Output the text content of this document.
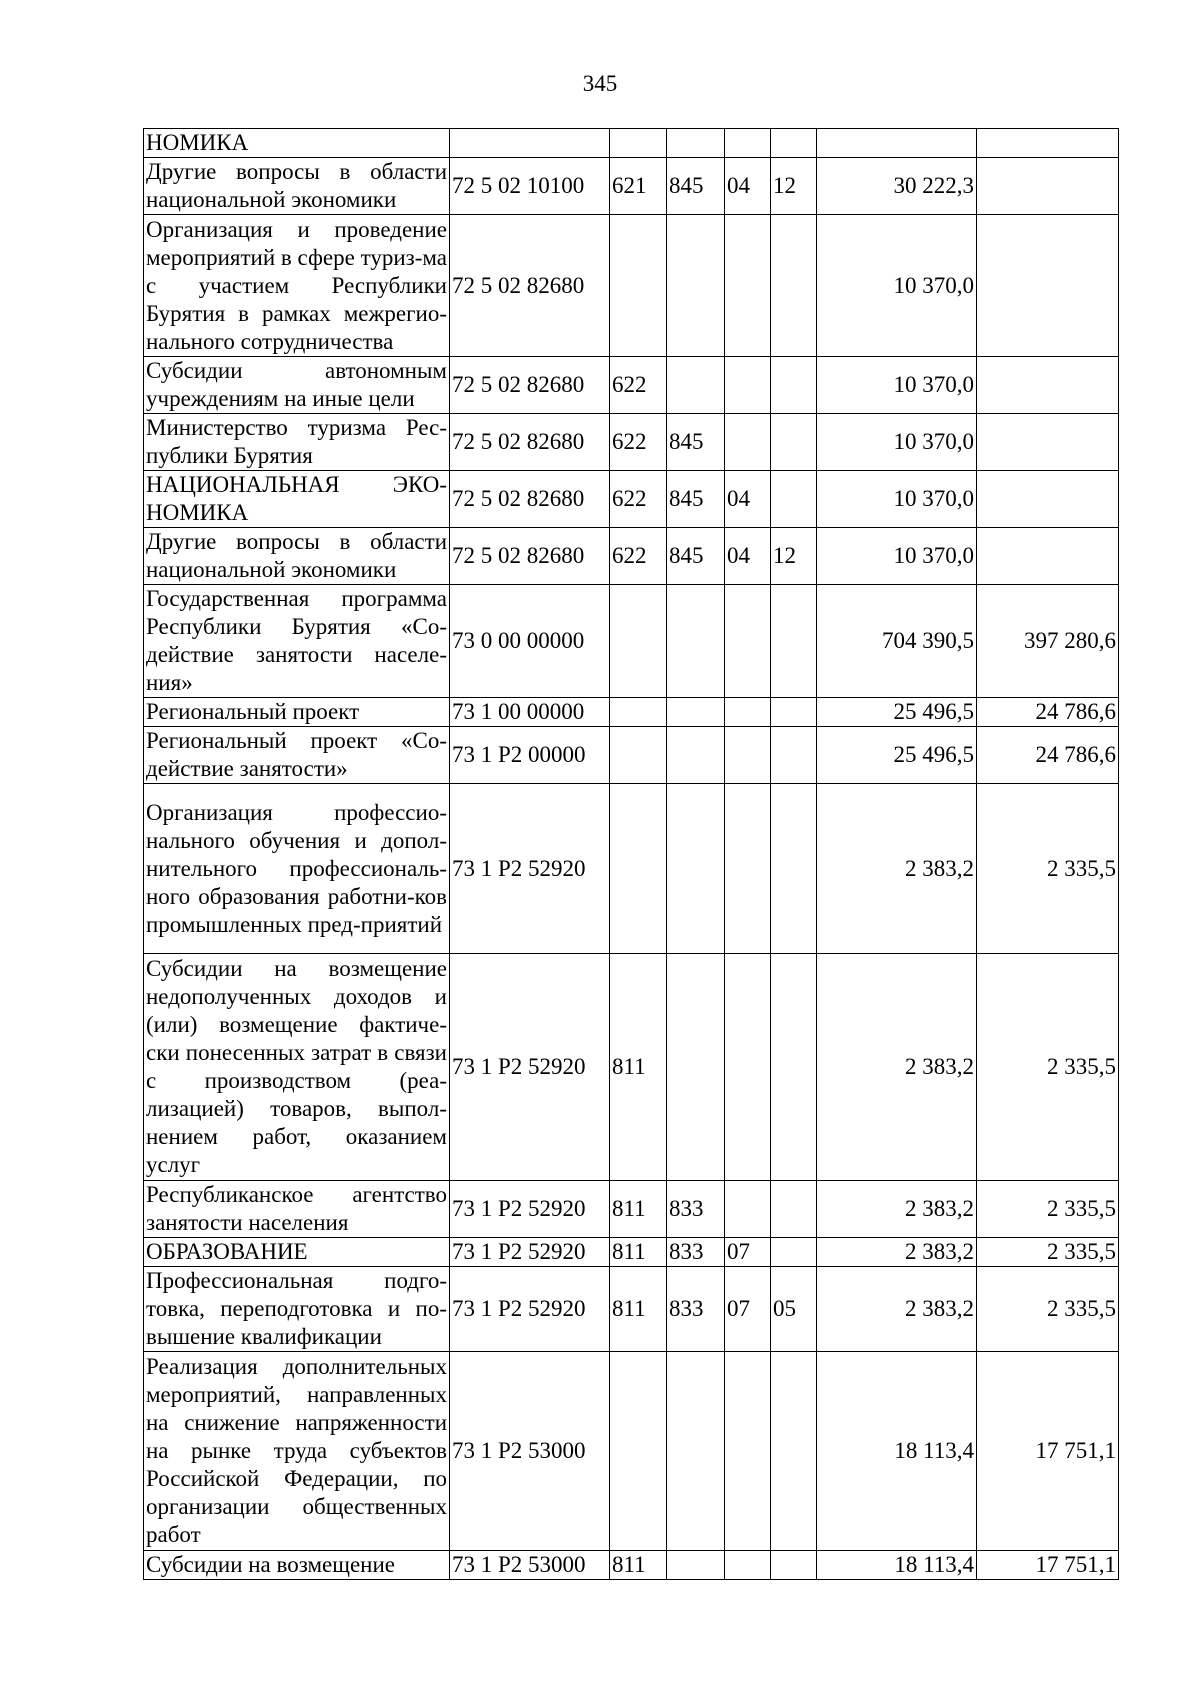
345
НОМИКА							
Другие вопросы в области национальной экономики	72 5 02 10100	621	845	04	12	30 222,3	
Организация и проведение мероприятий в сфере туриз-ма с участием Республики Бурятия в рамках межрегио-нального сотрудничества	72 5 02 82680					10 370,0	
Субсидии автономным учреждениям на иные цели	72 5 02 82680	622				10 370,0	
Министерство туризма Рес-публики Бурятия	72 5 02 82680	622	845			10 370,0	
НАЦИОНАЛЬНАЯ ЭКО-НОМИКА	72 5 02 82680	622	845	04		10 370,0	
Другие вопросы в области национальной экономики	72 5 02 82680	622	845	04	12	10 370,0	
Государственная программа Республики Бурятия «Со-действие занятости населе-ния»	73 0 00 00000					704 390,5	397 280,6
Региональный проект	73 1 00 00000					25 496,5	24 786,6
Региональный проект «Со-действие занятости»	73 1 P2 00000					25 496,5	24 786,6
Организация профессио-нального обучения и допол-нительного профессиональ-ного образования работни-ков промышленных пред-приятий	73 1 P2 52920					2 383,2	2 335,5
Субсидии на возмещение недополученных доходов и (или) возмещение фактиче-ски понесенных затрат в связи с производством (реа-лизацией) товаров, выпол-нением работ, оказанием услуг	73 1 P2 52920	811				2 383,2	2 335,5
Республиканское агентство занятости населения	73 1 P2 52920	811	833			2 383,2	2 335,5
ОБРАЗОВАНИЕ	73 1 P2 52920	811	833	07		2 383,2	2 335,5
Профессиональная подго-товка, переподготовка и по-вышение квалификации	73 1 P2 52920	811	833	07	05	2 383,2	2 335,5
Реализация дополнительных мероприятий, направленных на снижение напряженности на рынке труда субъектов Российской Федерации, по организации общественных работ	73 1 P2 53000					18 113,4	17 751,1
Субсидии на возмещение	73 1 P2 53000	811				18 113,4	17 751,1
